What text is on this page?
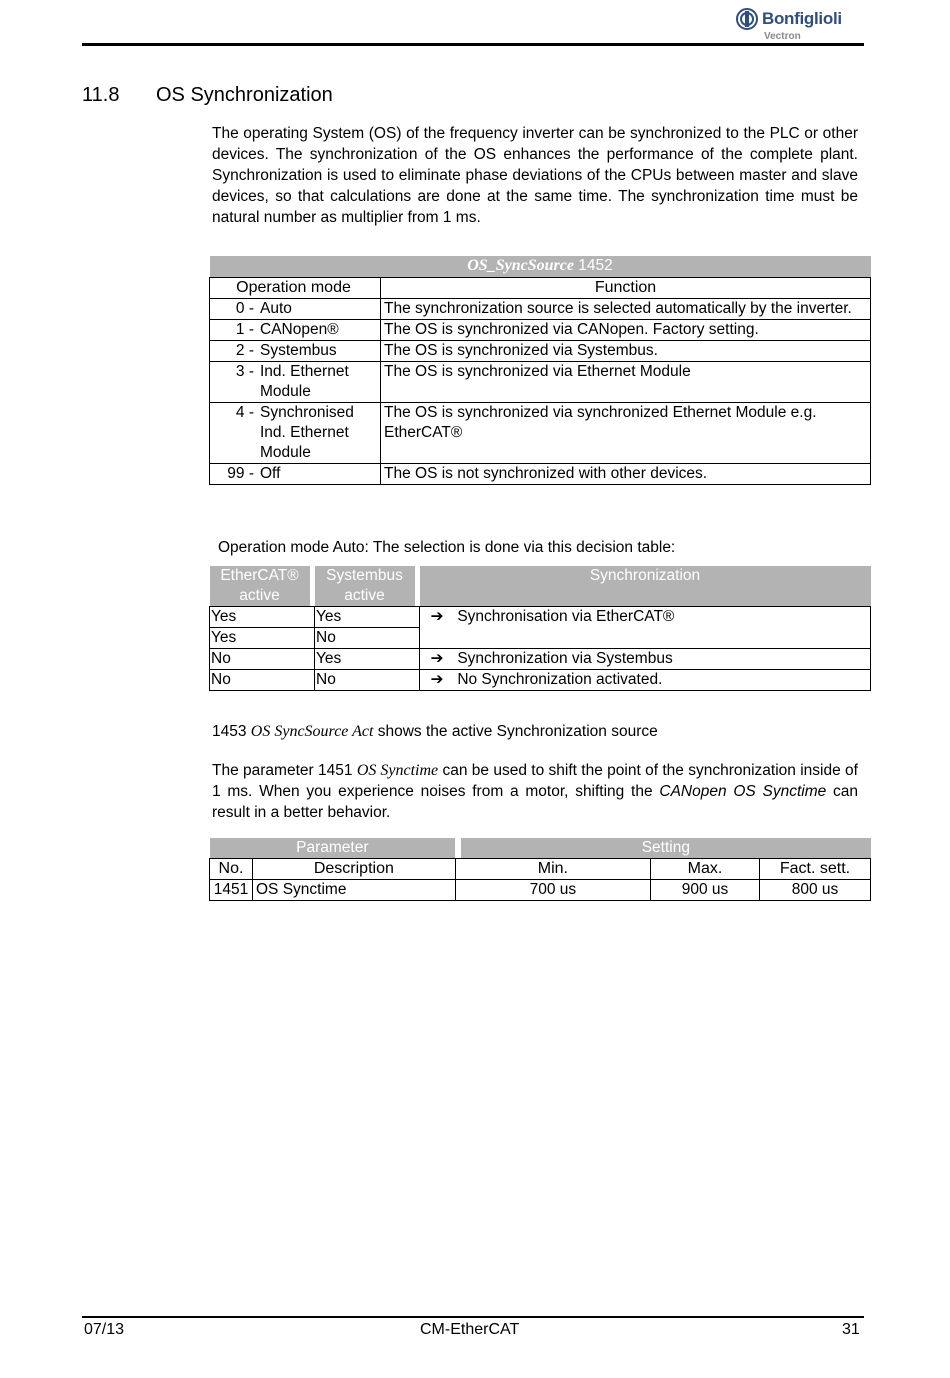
Bonfiglioli
Vectron
11.8 OS Synchronization

The operating System (OS) of the frequency inverter can be synchronized to the PLC or other devices. The synchronization of the OS enhances the performance of the complete plant. Synchronization is used to eliminate phase deviations of the CPUs between master and slave devices, so that calculations are done at the same time. The synchronization time must be natural number as multiplier from 1 ms.

OS_SyncSource 1452	
Operation mode	Function
0 - Auto	The synchronization source is selected automatically by the inverter.
1 - CANopen®	The OS is synchronized via CANopen. Factory setting.
2 - Systembus	The OS is synchronized via Systembus.
3 - Ind. Ethernet Module	The OS is synchronized via Ethernet Module
4 - Synchronised Ind. Ethernet Module	The OS is synchronized via synchronized Ethernet Module e.g. EtherCAT®
99 - Off	The OS is not synchronized with other devices.
Operation mode Auto: The selection is done via this decision table:
EtherCAT® active		Systembus active		Synchronization
Yes		Yes		➔ Synchronisation via EtherCAT®
Yes		No		
No		Yes		➔ Synchronization via Systembus
No		No		➔ No Synchronization activated.
1453 OS SyncSource Act shows the active Synchronization source
The parameter 1451 OS Synctime can be used to shift the point of the synchronization inside of 1 ms. When you experience noises from a motor, shifting the CANopen OS Synctime can result in a better behavior.
Parameter			Setting		
No.	Description	Min.		Max.	Fact. sett.
1451	OS Synctime	700 us		900 us	800 us
07/13	CM-EtherCAT	31
